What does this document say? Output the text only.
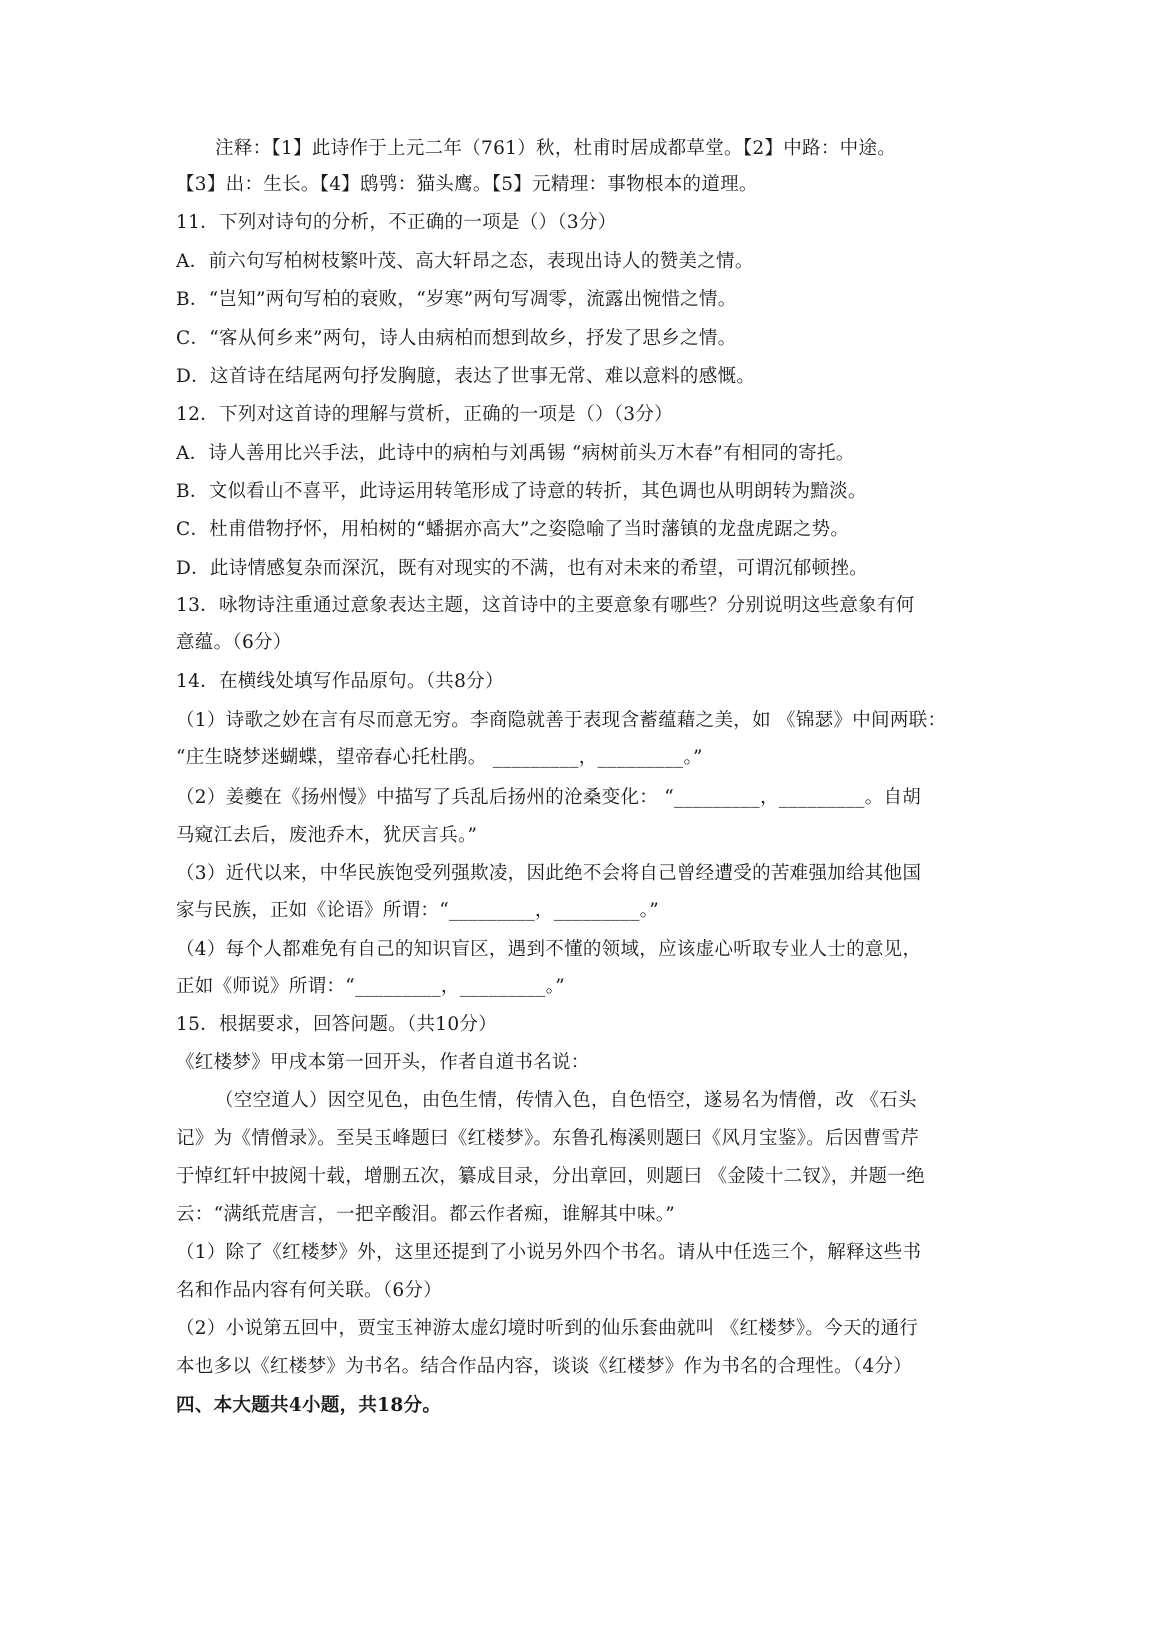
注释：【1】此诗作于上元二年（761）秋，杜甫时居成都草堂。【2】中路：中途。
【3】出：生长。【4】鸱鸮：猫头鹰。【5】元精理：事物根本的道理。
11．下列对诗句的分析，不正确的一项是（）（3分）
A．前六句写柏树枝繁叶茂、高大轩昂之态，表现出诗人的赞美之情。
B．“岂知”两句写柏的衰败，“岁寒”两句写凋零，流露出惋惜之情。
C．“客从何乡来”两句，诗人由病柏而想到故乡，抒发了思乡之情。
D．这首诗在结尾两句抒发胸臆，表达了世事无常、难以意料的感慨。
12．下列对这首诗的理解与赏析，正确的一项是（）（3分）
A．诗人善用比兴手法，此诗中的病柏与刘禹锡 “病树前头万木春”有相同的寄托。
B．文似看山不喜平，此诗运用转笔形成了诗意的转折，其色调也从明朗转为黯淡。
C．杜甫借物抒怀，用柏树的“蟠据亦高大”之姿隐喻了当时藩镇的龙盘虎踞之势。
D．此诗情感复杂而深沉，既有对现实的不满，也有对未来的希望，可谓沉郁顿挫。
13．咏物诗注重通过意象表达主题，这首诗中的主要意象有哪些？分别说明这些意象有何
意蕴。（6分）
14．在横线处填写作品原句。（共8分）
（1）诗歌之妙在言有尽而意无穷。李商隐就善于表现含蓄蕴藉之美，如 《锦瑟》中间两联：
“庄生晓梦迷蝴蝶，望帝春心托杜鹃。 _________，_________。”
（2）姜夔在《扬州慢》中描写了兵乱后扬州的沧桑变化： “_________，_________。自胡
马窥江去后，废池乔木，犹厌言兵。”
（3）近代以来，中华民族饱受列强欺凌，因此绝不会将自己曾经遭受的苦难强加给其他国
家与民族，正如《论语》所谓：“_________，_________。”
（4）每个人都难免有自己的知识盲区，遇到不懂的领域，应该虚心听取专业人士的意见，
正如《师说》所谓：“_________，_________。”
15．根据要求，回答问题。（共10分）
《红楼梦》甲戌本第一回开头，作者自道书名说：
（空空道人）因空见色，由色生情，传情入色，自色悟空，遂易名为情僧，改 《石头
记》为《情僧录》。至吴玉峰题曰《红楼梦》。东鲁孔梅溪则题曰《风月宝鉴》。后因曹雪芹
于悼红轩中披阅十载，增删五次，纂成目录，分出章回，则题曰 《金陵十二钗》，并题一绝
云：“满纸荒唐言，一把辛酸泪。都云作者痴，谁解其中味。”
（1）除了《红楼梦》外，这里还提到了小说另外四个书名。请从中任选三个，解释这些书
名和作品内容有何关联。（6分）
（2）小说第五回中，贾宝玉神游太虚幻境时听到的仙乐套曲就叫 《红楼梦》。今天的通行
本也多以《红楼梦》为书名。结合作品内容，谈谈《红楼梦》作为书名的合理性。（4分）
四、本大题共4小题，共18分。
